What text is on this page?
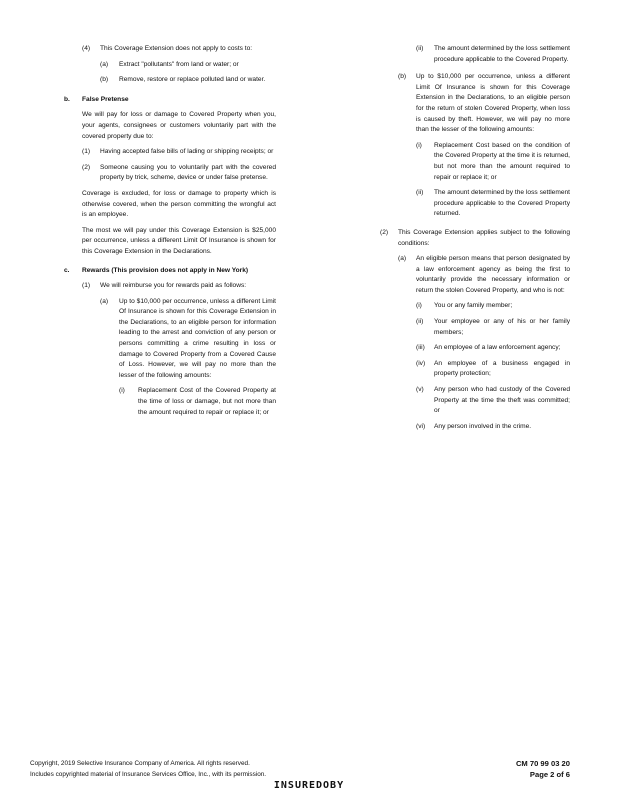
(4) This Coverage Extension does not apply to costs to:
(a) Extract "pollutants" from land or water; or
(b) Remove, restore or replace polluted land or water.
b. False Pretense
We will pay for loss or damage to Covered Property when you, your agents, consignees or customers voluntarily part with the covered property due to:
(1) Having accepted false bills of lading or shipping receipts; or
(2) Someone causing you to voluntarily part with the covered property by trick, scheme, device or under false pretense.
Coverage is excluded, for loss or damage to property which is otherwise covered, when the person committing the wrongful act is an employee.
The most we will pay under this Coverage Extension is $25,000 per occurrence, unless a different Limit Of Insurance is shown for this Coverage Extension in the Declarations.
c. Rewards (This provision does not apply in New York)
(1) We will reimburse you for rewards paid as follows:
(a) Up to $10,000 per occurrence, unless a different Limit Of Insurance is shown for this Coverage Extension in the Declarations, to an eligible person for information leading to the arrest and conviction of any person or persons committing a crime resulting in loss or damage to Covered Property from a Covered Cause of Loss. However, we will pay no more than the lesser of the following amounts:
(i) Replacement Cost of the Covered Property at the time of loss or damage, but not more than the amount required to repair or replace it; or
(ii) The amount determined by the loss settlement procedure applicable to the Covered Property.
(b) Up to $10,000 per occurrence, unless a different Limit Of Insurance is shown for this Coverage Extension in the Declarations, to an eligible person for the return of stolen Covered Property, when loss is caused by theft. However, we will pay no more than the lesser of the following amounts:
(i) Replacement Cost based on the condition of the Covered Property at the time it is returned, but not more than the amount required to repair or replace it; or
(ii) The amount determined by the loss settlement procedure applicable to the Covered Property returned.
(2) This Coverage Extension applies subject to the following conditions:
(a) An eligible person means that person designated by a law enforcement agency as being the first to voluntarily provide the necessary information or return the stolen Covered Property, and who is not:
(i) You or any family member;
(ii) Your employee or any of his or her family members;
(iii) An employee of a law enforcement agency;
(iv) An employee of a business engaged in property protection;
(v) Any person who had custody of the Covered Property at the time the theft was committed; or
(vi) Any person involved in the crime.
Copyright, 2019 Selective Insurance Company of America. All rights reserved.
Includes copyrighted material of Insurance Services Office, Inc., with its permission.
CM 70 99 03 20
Page 2 of 6
INSUREDOBY
